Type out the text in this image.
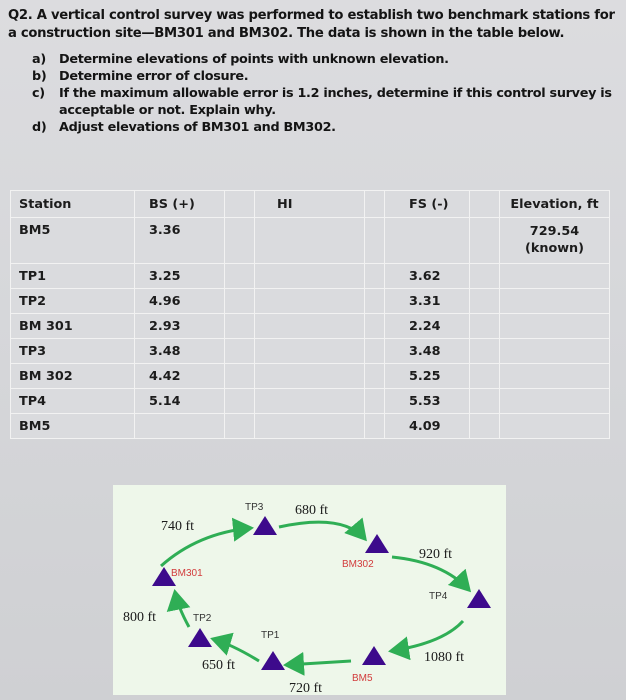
Q2. A vertical control survey was performed to establish two benchmark stations for a construction site—BM301 and BM302. The data is shown in the table below.
a)	Determine elevations of points with unknown elevation.
b) Determine error of closure.
c)	If the maximum allowable error is 1.2 inches, determine if this control survey is acceptable or not. Explain why.
d) Adjust elevations of BM301 and BM302.
Station	BS (+)		HI		FS (-)		Elevation, ft
BM5	3.36						729.54
(known)

TP1	3.25				3.62		
TP2	4.96				3.31		
BM 301	2.93				2.24		
TP3	3.48				3.48		
BM 302	4.42				5.25		
TP4	5.14				5.53		
BM5					4.09		
BM301
TP3
BM302
TP4
BM5
TP1
TP2
740 ft
680 ft
920 ft
1080 ft
720 ft
650 ft
800 ft
